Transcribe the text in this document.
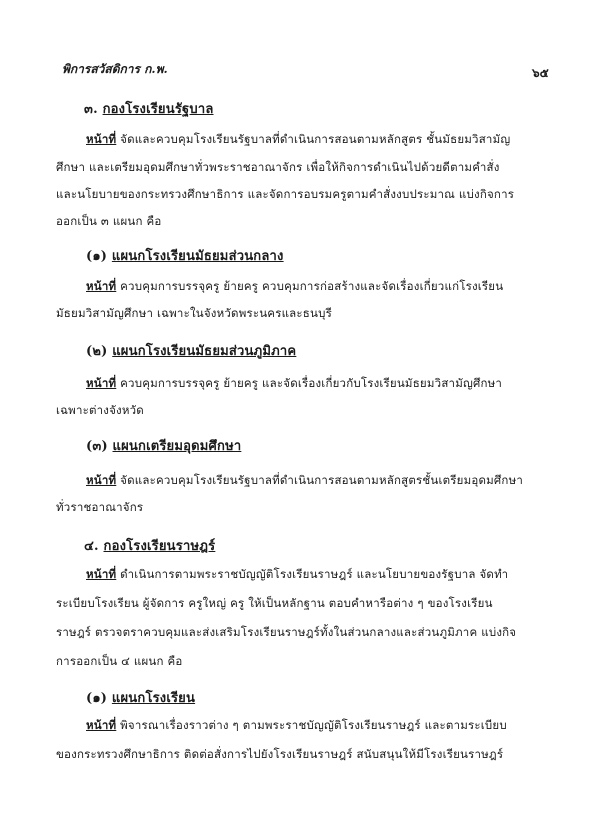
พิการสวัสดิการ ก.พ.	๖๕
๓. กองโรงเรียนรัฐบาล
หน้าที่ จัดและควบคุมโรงเรียนรัฐบาลที่ดำเนินการสอนตามหลักสูตร ชั้นมัธยมวิสามัญ
ศึกษา และเตรียมอุดมศึกษาทั่วพระราชอาณาจักร เพื่อให้กิจการดำเนินไปด้วยดีตามคำสั่ง
และนโยบายของกระทรวงศึกษาธิการ และจัดการอบรมครูตามคำสั่งงบประมาณ แบ่งกิจการ
ออกเป็น ๓ แผนก คือ
(๑) แผนกโรงเรียนมัธยมส่วนกลาง
หน้าที่ ควบคุมการบรรจุครู ย้ายครู ควบคุมการก่อสร้างและจัดเรื่องเกี่ยวแก่โรงเรียน
มัธยมวิสามัญศึกษา เฉพาะในจังหวัดพระนครและธนบุรี
(๒) แผนกโรงเรียนมัธยมส่วนภูมิภาค
หน้าที่ ควบคุมการบรรจุครู ย้ายครู และจัดเรื่องเกี่ยวกับโรงเรียนมัธยมวิสามัญศึกษา
เฉพาะต่างจังหวัด
(๓) แผนกเตรียมอุดมศึกษา
หน้าที่ จัดและควบคุมโรงเรียนรัฐบาลที่ดำเนินการสอนตามหลักสูตรชั้นเตรียมอุดมศึกษา
ทั่วราชอาณาจักร
๔. กองโรงเรียนราษฎร์
หน้าที่ ดำเนินการตามพระราชบัญญัติโรงเรียนราษฎร์ และนโยบายของรัฐบาล จัดทำ
ระเบียบโรงเรียน ผู้จัดการ ครูใหญ่ ครู ให้เป็นหลักฐาน ตอบคำหารือต่าง ๆ ของโรงเรียน
ราษฎร์ ตรวจตราควบคุมและส่งเสริมโรงเรียนราษฎร์ทั้งในส่วนกลางและส่วนภูมิภาค แบ่งกิจ
การออกเป็น ๔ แผนก คือ
(๑) แผนกโรงเรียน
หน้าที่ พิจารณาเรื่องราวต่าง ๆ ตามพระราชบัญญัติโรงเรียนราษฎร์ และตามระเบียบ
ของกระทรวงศึกษาธิการ ติดต่อสั่งการไปยังโรงเรียนราษฎร์ สนับสนุนให้มีโรงเรียนราษฎร์
